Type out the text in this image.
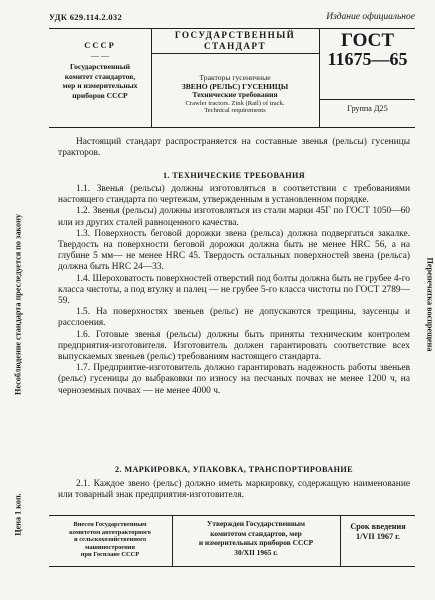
УДК 629.114.2.032	Издание официальное
СССР
— —
Государственный
комитет стандартов,
мер и измерительных
приборов СССР
ГОСУДАРСТВЕННЫЙ
СТАНДАРТ
Тракторы гусеничные
ЗВЕНО (РЕЛЬС) ГУСЕНИЦЫ
Технические требования
Crawler tractors. Zink (Rail) of track.
Technical requirements
ГОСТ
11675—65
Группа Д25

Настоящий стандарт распространяется на составные звенья (рельсы) гусеницы тракторов.

1. ТЕХНИЧЕСКИЕ ТРЕБОВАНИЯ

1.1. Звенья (рельсы) должны изготовляться в соответствии с требованиями настоящего стандарта по чертежам, утвержденным в установленном порядке.

1.2. Звенья (рельсы) должны изготовляться из стали марки 45Г по ГОСТ 1050—60 или из других сталей равноценного качества.

1.3. Поверхность беговой дорожки звена (рельса) должна подвергаться закалке. Твердость на поверхности беговой дорожки должна быть не менее HRC 56, а на глубине 5 мм— не менее HRC 45. Твердость остальных поверхностей звена (рельса) должна быть HRC 24—33.

1.4. Шероховатость поверхностей отверстий под болты должна быть не грубее 4-го класса чистоты, а под втулку и палец — не грубее 5-го класса чистоты по ГОСТ 2789—59.

1.5. На поверхностях звеньев (рельс) не допускаются трещины, заусенцы и расслоения.

1.6. Готовые звенья (рельсы) должны быть приняты техническим контролем предприятия-изготовителя. Изготовитель должен гарантировать соответствие всех выпускаемых звеньев (рельс) требованиям настоящего стандарта.

1.7. Предприятие-изготовитель должно гарантировать надежность работы звеньев (рельс) гусеницы до выбраковки по износу на песчаных почвах не менее 1200 ч, на черноземных почвах — не менее 4000 ч.

2. МАРКИРОВКА, УПАКОВКА, ТРАНСПОРТИРОВАНИЕ

2.1. Каждое звено (рельс) должно иметь маркировку, содержащую наименование или товарный знак предприятия-изготовителя.

Несоблюдение стандарта преследуется по закону
Цена 1 коп.
Перепечатка воспрещена
Внесен Государственным
комитетом автотракторного
и сельскохозяйственного
машиностроения
при Госплане СССР
Утвержден Государственным
комитетом стандартов, мер
и измерительных приборов СССР
30/XII 1965 г.
Срок введения
1/VII 1967 г.
